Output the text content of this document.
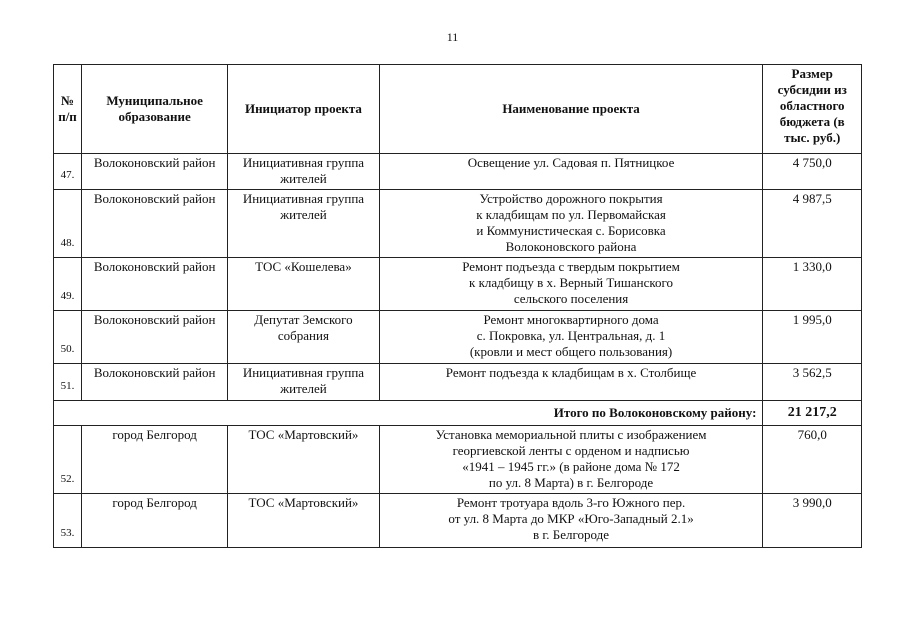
11
№
п/п	Муниципальное образование	Инициатор проекта	Наименование проекта	Размер субсидии из областного бюджета (в тыс. руб.)
47.	Волоконовский район	Инициативная группа жителей	Освещение ул. Садовая п. Пятницкое	4 750,0
48.	Волоконовский район	Инициативная группа жителей	Устройство дорожного покрытия
к кладбищам по ул. Первомайская
и Коммунистическая с. Борисовка
Волоконовского района	4 987,5
49.	Волоконовский район	ТОС «Кошелева»	Ремонт подъезда с твердым покрытием
к кладбищу в х. Верный Тишанского
сельского поселения	1 330,0
50.	Волоконовский район	Депутат Земского собрания	Ремонт многоквартирного дома
с. Покровка, ул. Центральная, д. 1
(кровли и мест общего пользования)	1 995,0
51.	Волоконовский район	Инициативная группа жителей	Ремонт подъезда к кладбищам в х. Столбище	3 562,5
Итого по Волоконовскому району:				21 217,2
52.	город Белгород	ТОС «Мартовский»	Установка мемориальной плиты с изображением
георгиевской ленты с орденом и надписью
«1941 – 1945 гг.» (в районе дома № 172
по ул. 8 Марта) в г. Белгороде	760,0
53.	город Белгород	ТОС «Мартовский»	Ремонт тротуара вдоль 3-го Южного пер.
от ул. 8 Марта до МКР «Юго-Западный 2.1»
в г. Белгороде	3 990,0
